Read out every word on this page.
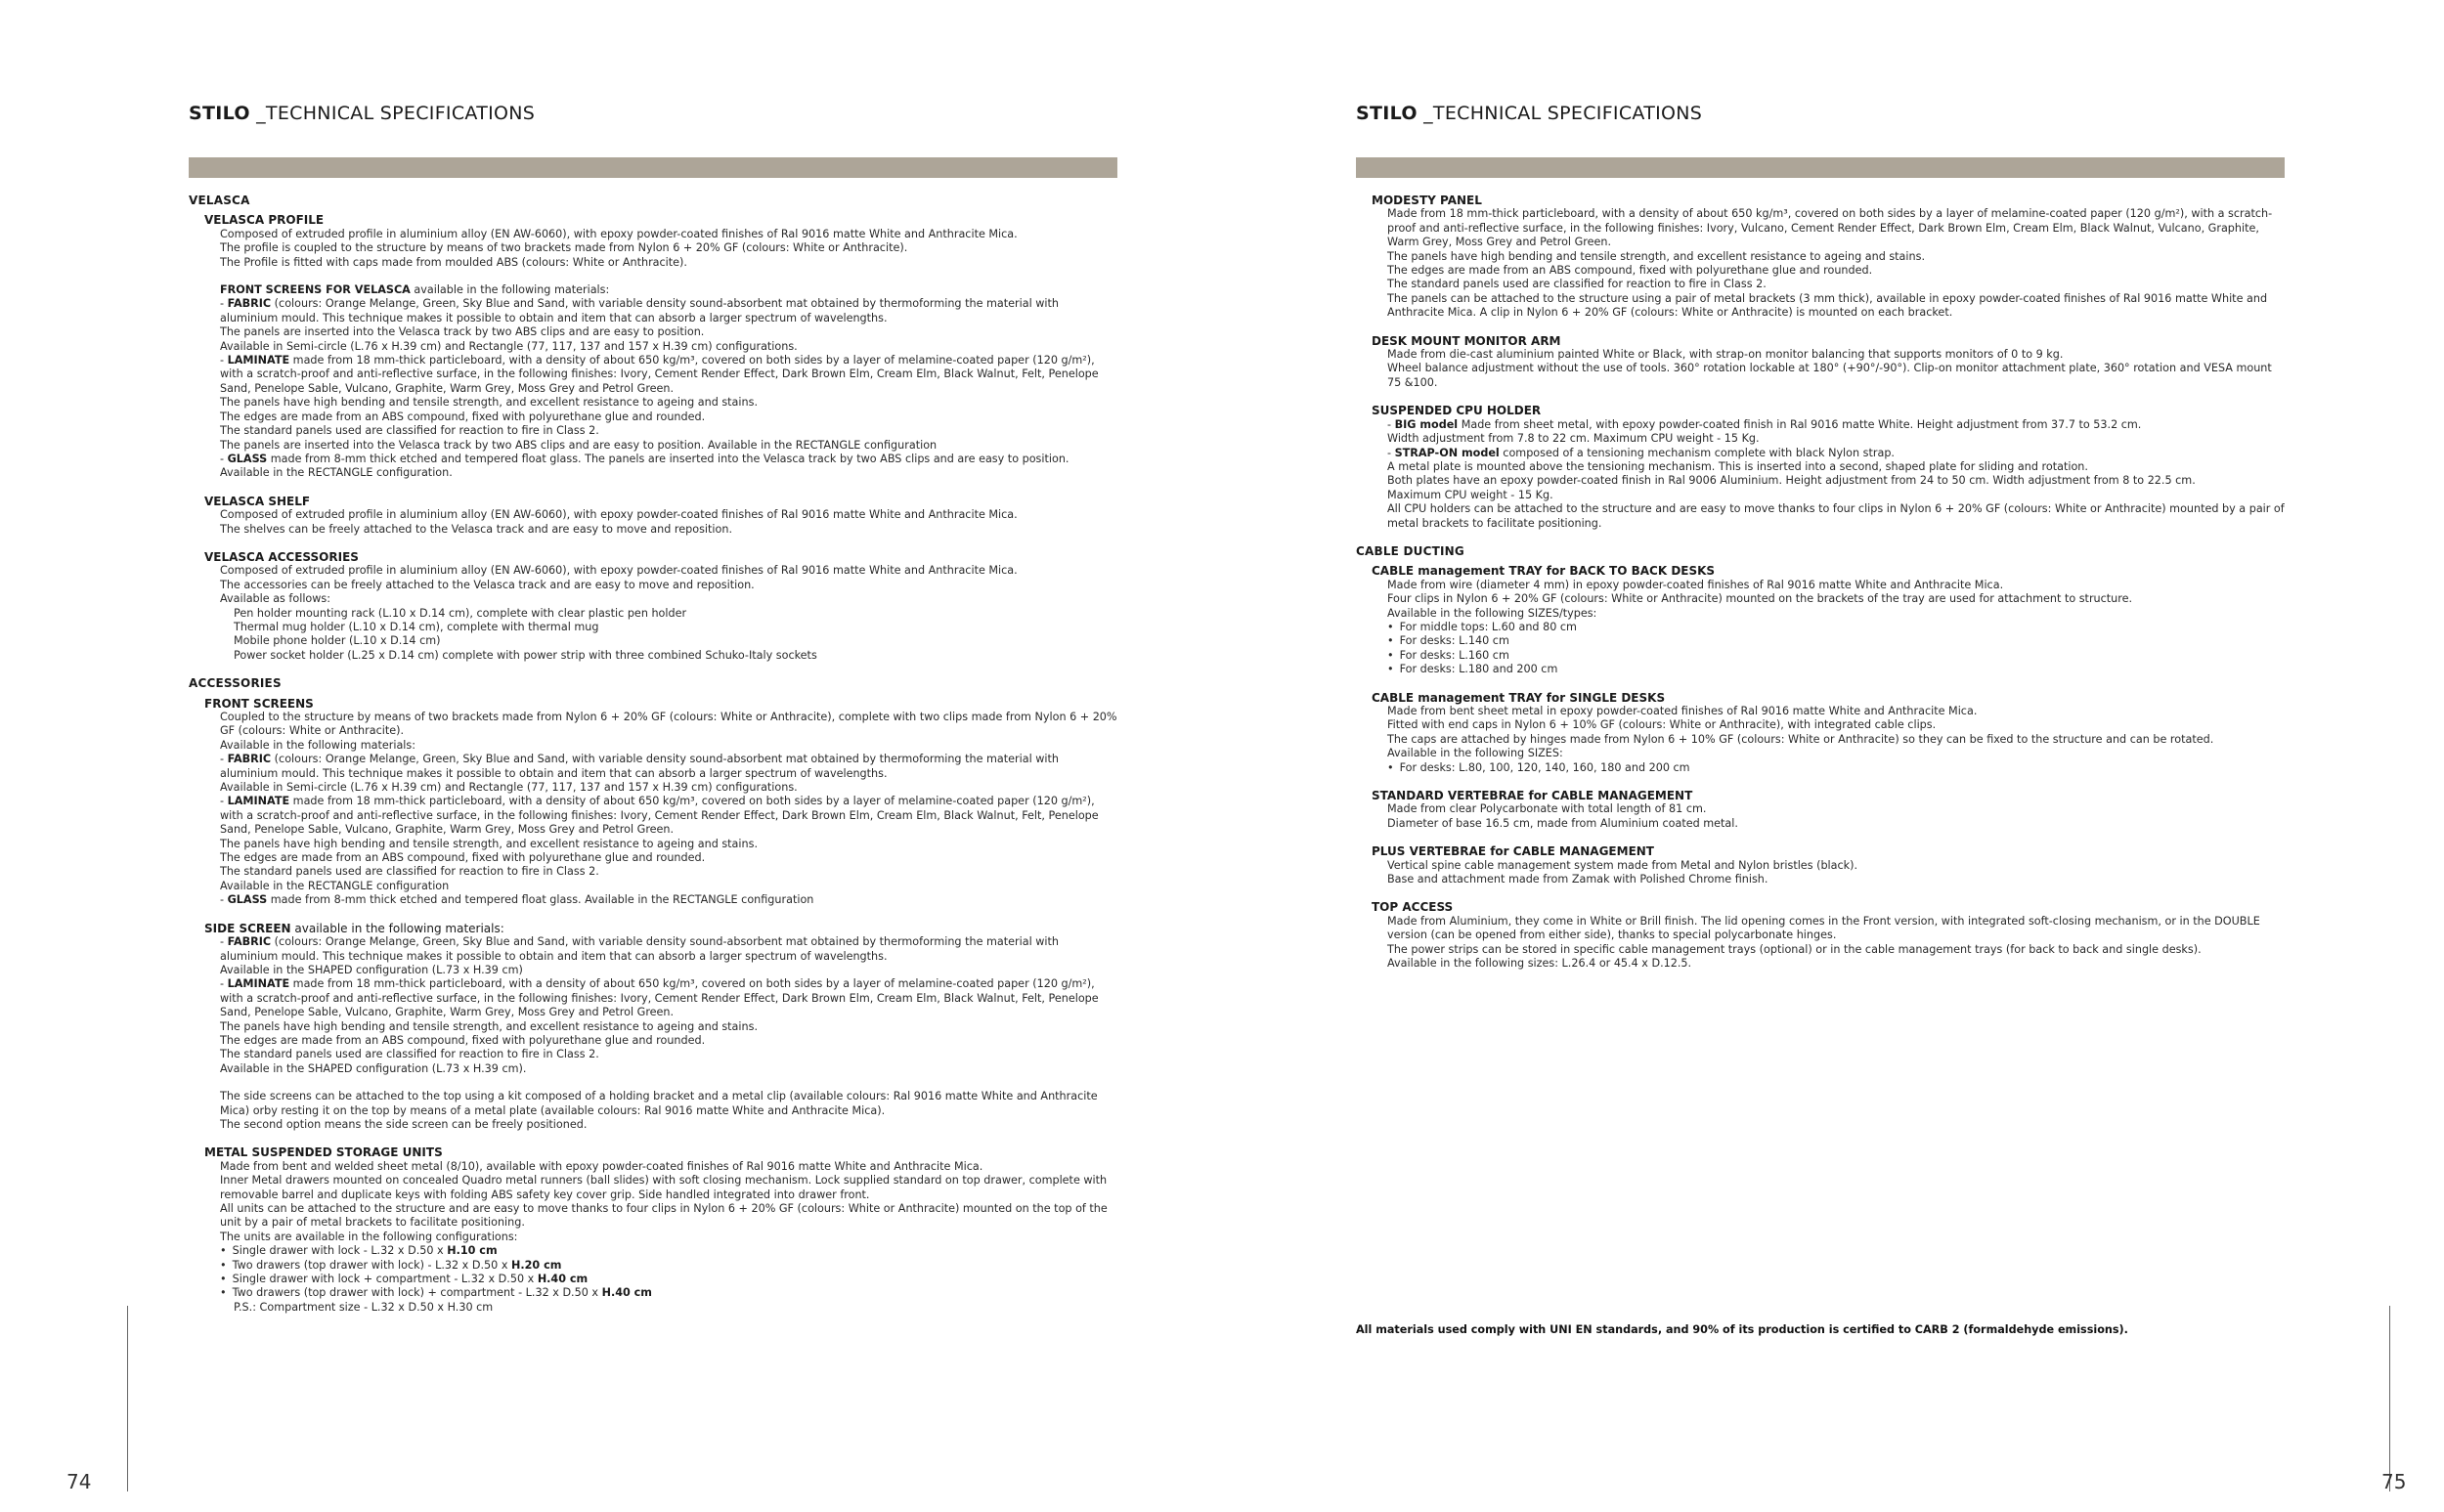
STILO _TECHNICAL SPECIFICATIONS
VELASCA
VELASCA PROFILE
Composed of extruded profile in aluminium alloy (EN AW-6060), with epoxy powder-coated finishes of Ral 9016 matte White and Anthracite Mica.
The profile is coupled to the structure by means of two brackets made from Nylon 6 + 20% GF (colours: White or Anthracite).
The Profile is fitted with caps made from moulded ABS (colours: White or Anthracite).
FRONT SCREENS FOR VELASCA available in the following materials:
- FABRIC (colours: Orange Melange, Green, Sky Blue and Sand, with variable density sound-absorbent mat obtained by thermoforming the material with aluminium mould. This technique makes it possible to obtain and item that can absorb a larger spectrum of wavelengths.
The panels are inserted into the Velasca track by two ABS clips and are easy to position.
Available in Semi-circle (L.76 x H.39 cm) and Rectangle (77, 117, 137 and 157 x H.39 cm) configurations.
- LAMINATE made from 18 mm-thick particleboard, with a density of about 650 kg/m³, covered on both sides by a layer of melamine-coated paper (120 g/m²), with a scratch-proof and anti-reflective surface, in the following finishes: Ivory, Cement Render Effect, Dark Brown Elm, Cream Elm, Black Walnut, Felt, Penelope Sand, Penelope Sable, Vulcano, Graphite, Warm Grey, Moss Grey and Petrol Green.
The panels have high bending and tensile strength, and excellent resistance to ageing and stains.
The edges are made from an ABS compound, fixed with polyurethane glue and rounded.
The standard panels used are classified for reaction to fire in Class 2.
The panels are inserted into the Velasca track by two ABS clips and are easy to position. Available in the RECTANGLE configuration
- GLASS made from 8-mm thick etched and tempered float glass. The panels are inserted into the Velasca track by two ABS clips and are easy to position. Available in the RECTANGLE configuration.
VELASCA SHELF
Composed of extruded profile in aluminium alloy (EN AW-6060), with epoxy powder-coated finishes of Ral 9016 matte White and Anthracite Mica.
The shelves can be freely attached to the Velasca track and are easy to move and reposition.
VELASCA ACCESSORIES
Composed of extruded profile in aluminium alloy (EN AW-6060), with epoxy powder-coated finishes of Ral 9016 matte White and Anthracite Mica.
The accessories can be freely attached to the Velasca track and are easy to move and reposition.
Available as follows:
Pen holder mounting rack (L.10 x D.14 cm), complete with clear plastic pen holder
Thermal mug holder (L.10 x D.14 cm), complete with thermal mug
Mobile phone holder (L.10 x D.14 cm)
Power socket holder (L.25 x D.14 cm) complete with power strip with three combined Schuko-Italy sockets
ACCESSORIES
FRONT SCREENS
Coupled to the structure by means of two brackets made from Nylon 6 + 20% GF (colours: White or Anthracite), complete with two clips made from Nylon 6 + 20% GF (colours: White or Anthracite).
Available in the following materials:
- FABRIC (colours: Orange Melange, Green, Sky Blue and Sand, with variable density sound-absorbent mat obtained by thermoforming the material with aluminium mould. This technique makes it possible to obtain and item that can absorb a larger spectrum of wavelengths.
Available in Semi-circle (L.76 x H.39 cm) and Rectangle (77, 117, 137 and 157 x H.39 cm) configurations.
- LAMINATE made from 18 mm-thick particleboard, with a density of about 650 kg/m³, covered on both sides by a layer of melamine-coated paper (120 g/m²), with a scratch-proof and anti-reflective surface, in the following finishes: Ivory, Cement Render Effect, Dark Brown Elm, Cream Elm, Black Walnut, Felt, Penelope Sand, Penelope Sable, Vulcano, Graphite, Warm Grey, Moss Grey and Petrol Green.
The panels have high bending and tensile strength, and excellent resistance to ageing and stains.
The edges are made from an ABS compound, fixed with polyurethane glue and rounded.
The standard panels used are classified for reaction to fire in Class 2.
Available in the RECTANGLE configuration
- GLASS made from 8-mm thick etched and tempered float glass. Available in the RECTANGLE configuration
SIDE SCREEN available in the following materials:
- FABRIC (colours: Orange Melange, Green, Sky Blue and Sand, with variable density sound-absorbent mat obtained by thermoforming the material with aluminium mould. This technique makes it possible to obtain and item that can absorb a larger spectrum of wavelengths.
Available in the SHAPED configuration (L.73 x H.39 cm)
- LAMINATE made from 18 mm-thick particleboard, with a density of about 650 kg/m³, covered on both sides by a layer of melamine-coated paper (120 g/m²), with a scratch-proof and anti-reflective surface, in the following finishes: Ivory, Cement Render Effect, Dark Brown Elm, Cream Elm, Black Walnut, Felt, Penelope Sand, Penelope Sable, Vulcano, Graphite, Warm Grey, Moss Grey and Petrol Green.
The panels have high bending and tensile strength, and excellent resistance to ageing and stains.
The edges are made from an ABS compound, fixed with polyurethane glue and rounded.
The standard panels used are classified for reaction to fire in Class 2.
Available in the SHAPED configuration (L.73 x H.39 cm).
The side screens can be attached to the top using a kit composed of a holding bracket and a metal clip (available colours: Ral 9016 matte White and Anthracite Mica) orby resting it on the top by means of a metal plate (available colours: Ral 9016 matte White and Anthracite Mica).
The second option means the side screen can be freely positioned.
METAL SUSPENDED STORAGE UNITS
Made from bent and welded sheet metal (8/10), available with epoxy powder-coated finishes of Ral 9016 matte White and Anthracite Mica.
Inner Metal drawers mounted on concealed Quadro metal runners (ball slides) with soft closing mechanism. Lock supplied standard on top drawer, complete with removable barrel and duplicate keys with folding ABS safety key cover grip. Side handled integrated into drawer front.
All units can be attached to the structure and are easy to move thanks to four clips in Nylon 6 + 20% GF (colours: White or Anthracite) mounted on the top of the unit by a pair of metal brackets to facilitate positioning.
The units are available in the following configurations:
• Single drawer with lock - L.32 x D.50 x H.10 cm
• Two drawers (top drawer with lock) - L.32 x D.50 x H.20 cm
• Single drawer with lock + compartment - L.32 x D.50 x H.40 cm
• Two drawers (top drawer with lock) + compartment - L.32 x D.50 x H.40 cm
P.S.: Compartment size - L.32 x D.50 x H.30 cm
74
STILO _TECHNICAL SPECIFICATIONS
MODESTY PANEL
Made from 18 mm-thick particleboard, with a density of about 650 kg/m³, covered on both sides by a layer of melamine-coated paper (120 g/m²), with a scratch-proof and anti-reflective surface, in the following finishes: Ivory, Vulcano, Cement Render Effect, Dark Brown Elm, Cream Elm, Black Walnut, Vulcano, Graphite, Warm Grey, Moss Grey and Petrol Green.
The panels have high bending and tensile strength, and excellent resistance to ageing and stains.
The edges are made from an ABS compound, fixed with polyurethane glue and rounded.
The standard panels used are classified for reaction to fire in Class 2.
The panels can be attached to the structure using a pair of metal brackets (3 mm thick), available in epoxy powder-coated finishes of Ral 9016 matte White and Anthracite Mica. A clip in Nylon 6 + 20% GF (colours: White or Anthracite) is mounted on each bracket.
DESK MOUNT MONITOR ARM
Made from die-cast aluminium painted White or Black, with strap-on monitor balancing that supports monitors of 0 to 9 kg.
Wheel balance adjustment without the use of tools. 360° rotation lockable at 180° (+90°/-90°). Clip-on monitor attachment plate, 360° rotation and VESA mount 75 &100.
SUSPENDED CPU HOLDER
- BIG model Made from sheet metal, with epoxy powder-coated finish in Ral 9016 matte White. Height adjustment from 37.7 to 53.2 cm.
Width adjustment from 7.8 to 22 cm. Maximum CPU weight - 15 Kg.
- STRAP-ON model composed of a tensioning mechanism complete with black Nylon strap.
A metal plate is mounted above the tensioning mechanism. This is inserted into a second, shaped plate for sliding and rotation.
Both plates have an epoxy powder-coated finish in Ral 9006 Aluminium. Height adjustment from 24 to 50 cm. Width adjustment from 8 to 22.5 cm.
Maximum CPU weight - 15 Kg.
All CPU holders can be attached to the structure and are easy to move thanks to four clips in Nylon 6 + 20% GF (colours: White or Anthracite) mounted by a pair of metal brackets to facilitate positioning.
CABLE DUCTING
CABLE management TRAY for BACK TO BACK DESKS
Made from wire (diameter 4 mm) in epoxy powder-coated finishes of Ral 9016 matte White and Anthracite Mica.
Four clips in Nylon 6 + 20% GF (colours: White or Anthracite) mounted on the brackets of the tray are used for attachment to structure.
Available in the following SIZES/types:
• For middle tops: L.60 and 80 cm
• For desks: L.140 cm
• For desks: L.160 cm
• For desks: L.180 and 200 cm
CABLE management TRAY for SINGLE DESKS
Made from bent sheet metal in epoxy powder-coated finishes of Ral 9016 matte White and Anthracite Mica.
Fitted with end caps in Nylon 6 + 10% GF (colours: White or Anthracite), with integrated cable clips.
The caps are attached by hinges made from Nylon 6 + 10% GF (colours: White or Anthracite) so they can be fixed to the structure and can be rotated.
Available in the following SIZES:
• For desks: L.80, 100, 120, 140, 160, 180 and 200 cm
STANDARD VERTEBRAE for CABLE MANAGEMENT
Made from clear Polycarbonate with total length of 81 cm.
Diameter of base 16.5 cm, made from Aluminium coated metal.
PLUS VERTEBRAE for CABLE MANAGEMENT
Vertical spine cable management system made from Metal and Nylon bristles (black).
Base and attachment made from Zamak with Polished Chrome finish.
TOP ACCESS
Made from Aluminium, they come in White or Brill finish. The lid opening comes in the Front version, with integrated soft-closing mechanism, or in the DOUBLE version (can be opened from either side), thanks to special polycarbonate hinges.
The power strips can be stored in specific cable management trays (optional) or in the cable management trays (for back to back and single desks).
Available in the following sizes: L.26.4 or 45.4 x D.12.5.
All materials used comply with UNI EN standards, and 90% of its production is certified to CARB 2 (formaldehyde emissions).
75
